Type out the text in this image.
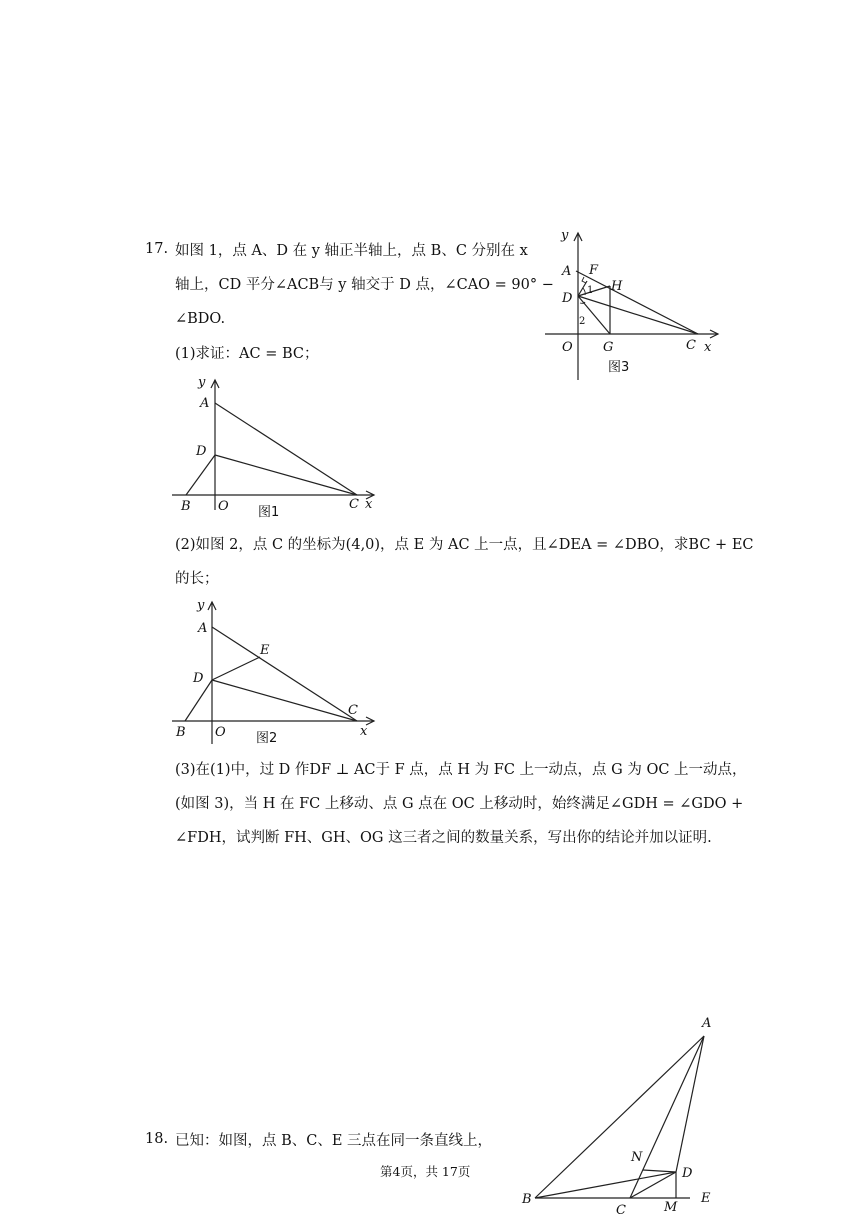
17. 如图 1，点 A、D 在 y 轴正半轴上，点 B、C 分别在 x
轴上，CD 平分∠ACB与 y 轴交于 D 点，∠CAO = 90° −
∠BDO.
(1)求证：AC = BC；
y
A F
D
H
O G	C x
1
2
图3
y
A
D
B O	C x
图1
(2)如图 2，点 C 的坐标为(4,0)，点 E 为 AC 上一点，且∠DEA = ∠DBO，求BC + EC
的长；
y
A
E
D
B O
C
x
图2
(3)在(1)中，过 D 作DF ⊥ AC于 F 点，点 H 为 FC 上一动点，点 G 为 OC 上一动点，
(如图 3)，当 H 在 FC 上移动、点 G 点在 OC 上移动时，始终满足∠GDH = ∠GDO +
∠FDH，试判断 FH、GH、OG 这三者之间的数量关系，写出你的结论并加以证明.
A
N
D
B
C	M
E
18. 已知：如图，点 B、C、E 三点在同一条直线上，
第4页，共 17页
